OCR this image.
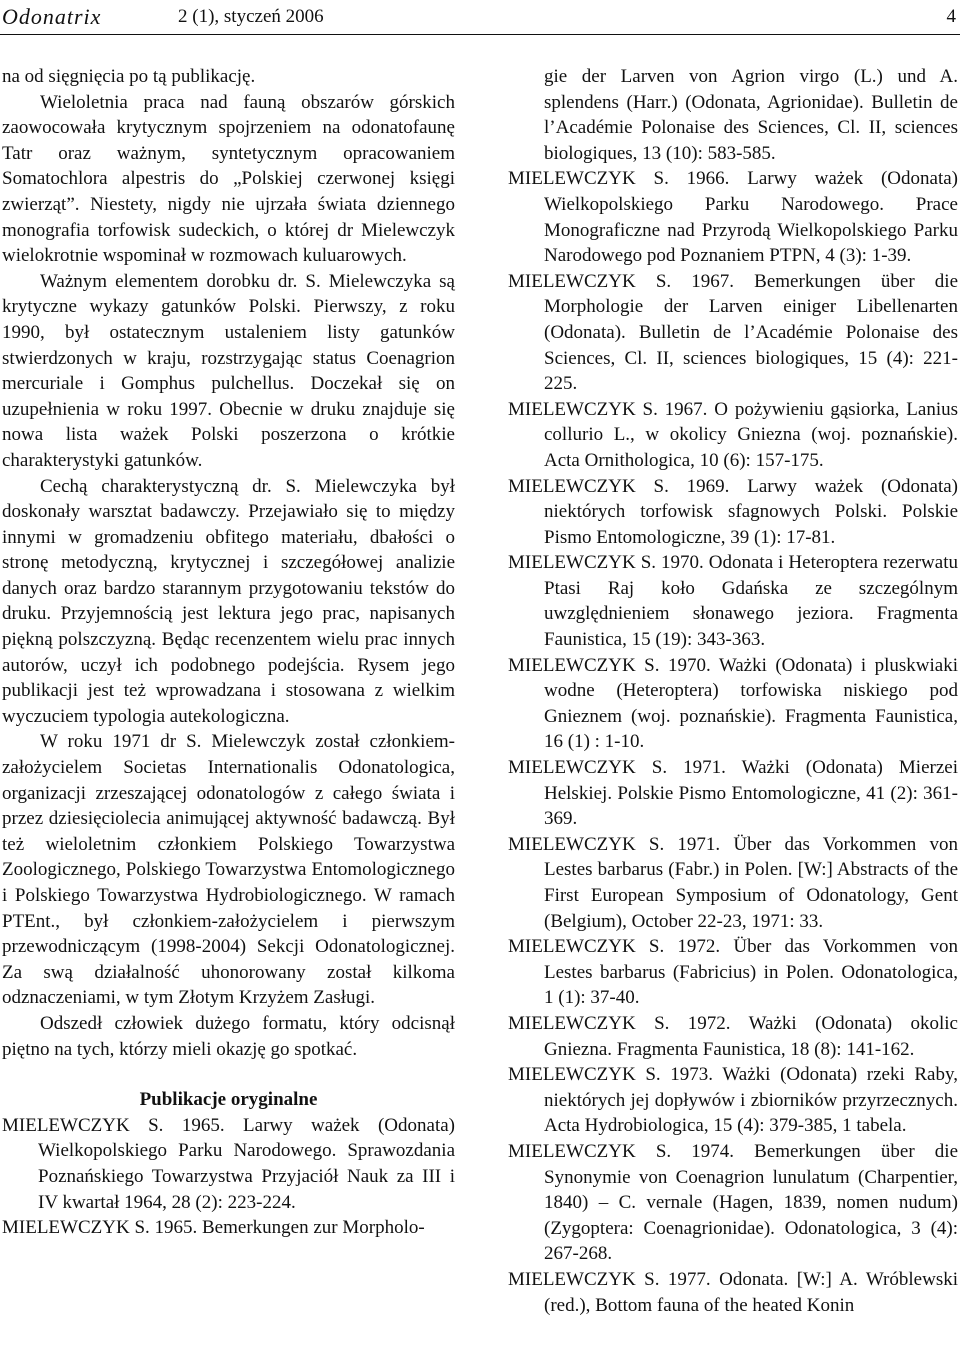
Odonatrix	2 (1), styczeń 2006	4

na od sięgnięcia po tą publikację.

Wieloletnia praca nad fauną obszarów górskich zaowocowała krytycznym spojrzeniem na odonatofaunę Tatr oraz ważnym, syntetycznym opracowaniem Somatochlora alpestris do „Polskiej czerwonej księgi zwierząt”. Niestety, nigdy nie ujrzała świata dziennego monografia torfowisk sudeckich, o której dr Mielewczyk wielokrotnie wspominał w rozmowach kuluarowych.

Ważnym elementem dorobku dr. S. Mielewczyka są krytyczne wykazy gatunków Polski. Pierwszy, z roku 1990, był ostatecznym ustaleniem listy gatunków stwierdzonych w kraju, rozstrzygając status Coenagrion mercuriale i Gomphus pulchellus. Doczekał się on uzupełnienia w roku 1997. Obecnie w druku znajduje się nowa lista ważek Polski poszerzona o krótkie charakterystyki gatunków.

Cechą charakterystyczną dr. S. Mielewczyka był doskonały warsztat badawczy. Przejawiało się to między innymi w gromadzeniu obfitego materiału, dbałości o stronę metodyczną, krytycznej i szczegółowej analizie danych oraz bardzo starannym przygotowaniu tekstów do druku. Przyjemnością jest lektura jego prac, napisanych piękną polszczyzną. Będąc recenzentem wielu prac innych autorów, uczył ich podobnego podejścia. Rysem jego publikacji jest też wprowadzana i stosowana z wielkim wyczuciem typologia autekologiczna.

W roku 1971 dr S. Mielewczyk został członkiem-założycielem Societas Internationalis Odonatologica, organizacji zrzeszającej odonatologów z całego świata i przez dziesięciolecia animującej aktywność badawczą. Był też wieloletnim członkiem Polskiego Towarzystwa Zoologicznego, Polskiego Towarzystwa Entomologicznego i Polskiego Towarzystwa Hydrobiologicznego. W ramach PTEnt., był członkiem-założycielem i pierwszym przewodniczącym (1998-2004) Sekcji Odonatologicznej. Za swą działalność uhonorowany został kilkoma odznaczeniami, w tym Złotym Krzyżem Zasługi.

Odszedł człowiek dużego formatu, który odcisnął piętno na tych, którzy mieli okazję go spotkać.

Publikacje oryginalne

MIELEWCZYK S. 1965. Larwy ważek (Odonata) Wielkopolskiego Parku Narodowego. Sprawozdania Poznańskiego Towarzystwa Przyjaciół Nauk za III i IV kwartał 1964, 28 (2): 223-224.

MIELEWCZYK S. 1965. Bemerkungen zur Morpholo-

gie der Larven von Agrion virgo (L.) und A. splendens (Harr.) (Odonata, Agrionidae). Bulletin de l’Académie Polonaise des Sciences, Cl. II, sciences biologiques, 13 (10): 583-585.

MIELEWCZYK S. 1966. Larwy ważek (Odonata) Wielkopolskiego Parku Narodowego. Prace Monograficzne nad Przyrodą Wielkopolskiego Parku Narodowego pod Poznaniem PTPN, 4 (3): 1-39.

MIELEWCZYK S. 1967. Bemerkungen über die Morphologie der Larven einiger Libellenarten (Odonata). Bulletin de l’Académie Polonaise des Sciences, Cl. II, sciences biologiques, 15 (4): 221-225.

MIELEWCZYK S. 1967. O pożywieniu gąsiorka, Lanius collurio L., w okolicy Gniezna (woj. poznańskie). Acta Ornithologica, 10 (6): 157-175.

MIELEWCZYK S. 1969. Larwy ważek (Odonata) niektórych torfowisk sfagnowych Polski. Polskie Pismo Entomologiczne, 39 (1): 17-81.

MIELEWCZYK S. 1970. Odonata i Heteroptera rezerwatu Ptasi Raj koło Gdańska ze szczególnym uwzględnieniem słonawego jeziora. Fragmenta Faunistica, 15 (19): 343-363.

MIELEWCZYK S. 1970. Ważki (Odonata) i pluskwiaki wodne (Heteroptera) torfowiska niskiego pod Gnieznem (woj. poznańskie). Fragmenta Faunistica, 16 (1) : 1-10.

MIELEWCZYK S. 1971. Ważki (Odonata) Mierzei Helskiej. Polskie Pismo Entomologiczne, 41 (2): 361-369.

MIELEWCZYK S. 1971. Über das Vorkommen von Lestes barbarus (Fabr.) in Polen. [W:] Abstracts of the First European Symposium of Odonatology, Gent (Belgium), October 22-23, 1971: 33.

MIELEWCZYK S. 1972. Über das Vorkommen von Lestes barbarus (Fabricius) in Polen. Odonatologica, 1 (1): 37-40.

MIELEWCZYK S. 1972. Ważki (Odonata) okolic Gniezna. Fragmenta Faunistica, 18 (8): 141-162.

MIELEWCZYK S. 1973. Ważki (Odonata) rzeki Raby, niektórych jej dopływów i zbiorników przyrzecznych. Acta Hydrobiologica, 15 (4): 379-385, 1 tabela.

MIELEWCZYK S. 1974. Bemerkungen über die Synonymie von Coenagrion lunulatum (Charpentier, 1840) – C. vernale (Hagen, 1839, nomen nudum) (Zygoptera: Coenagrionidae). Odonatologica, 3 (4): 267-268.

MIELEWCZYK S. 1977. Odonata. [W:] A. Wróblewski (red.), Bottom fauna of the heated Konin
